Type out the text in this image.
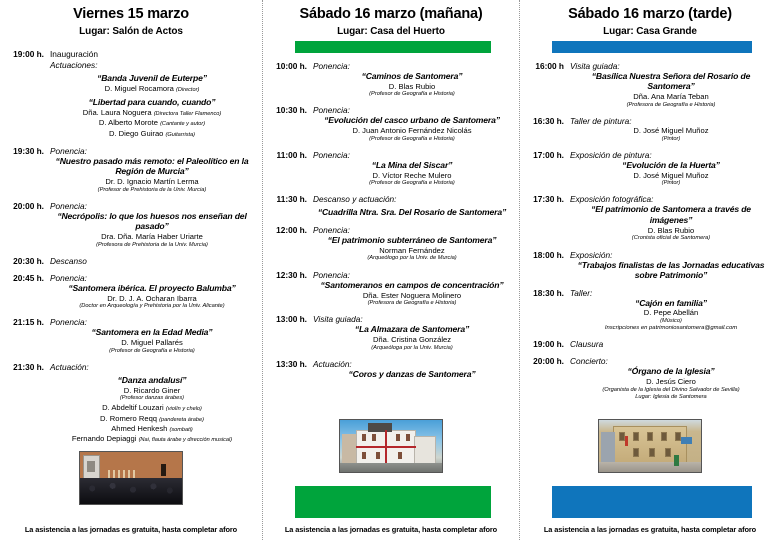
Viernes 15 marzo
Lugar: Salón de Actos
19:00 h. Inauguración
Actuaciones:
“Banda Juvenil de Euterpe”
D. Miguel Rocamora (Director)
“Libertad para cuando, cuando”
Dña. Laura Noguera (Directora Taller Flamenco)
D. Alberto Morote (Cantante y autor)
D. Diego Guirao (Guitarrista)
19:30 h. Ponencia:
“Nuestro pasado más remoto: el Paleolítico en la Región de Murcia”
Dr. D. Ignacio Martín Lerma
(Profesor de Prehistoria de la Univ. Murcia)
20:00 h. Ponencia:
“Necrópolis: lo que los huesos nos enseñan del pasado”
Dra. Dña. María Haber Uriarte
(Profesora de Prehistoria de la Univ. Murcia)
20:30 h. Descanso
20:45 h. Ponencia:
“Santomera ibérica. El proyecto Balumba”
Dr. D. J. A. Ocharan Ibarra
(Doctor en Arqueología y Prehistoria por la Univ. Alicante)
21:15 h. Ponencia:
“Santomera en la Edad Media”
D. Miguel Pallarés
(Profesor de Geografía e Historia)
21:30 h. Actuación:
“Danza andalusí”
D. Ricardo Giner
(Profesor danzas árabes)
D. Abdeltif Louzari (violín y chelo)
D. Romero Reqq (pandereta árabe)
Ahmed Henkesh (sombati)
Fernando Depiaggi (Nai, flauta árabe y dirección musical)
La asistencia a las jornadas es gratuita, hasta completar aforo
Sábado 16 marzo (mañana)
Lugar: Casa del Huerto
10:00 h. Ponencia:
“Caminos de Santomera”
D. Blas Rubio
(Profesor de Geografía e Historia)
10:30 h. Ponencia:
“Evolución del casco urbano de Santomera”
D. Juan Antonio Fernández Nicolás
(Profesor de Geografía e Historia)
11:00 h. Ponencia:
“La Mina del Siscar”
D. Víctor Reche Mulero
(Profesor de Geografía e Historia)
11:30 h. Descanso y actuación:
“Cuadrilla Ntra. Sra. Del Rosario de Santomera”
12:00 h. Ponencia:
“El patrimonio subterráneo de Santomera”
Norman Fernández
(Arqueólogo por la Univ. de Murcia)
12:30 h. Ponencia:
“Santomeranos en campos de concentración”
Dña. Ester Noguera Molinero
(Profesora de Geografía e Historia)
13:00 h. Visita guiada:
“La Almazara de Santomera”
Dña. Cristina González
(Arqueóloga por la Univ. Murcia)
13:30 h. Actuación:
“Coros y danzas de Santomera”
La asistencia a las jornadas es gratuita, hasta completar aforo
Sábado 16 marzo (tarde)
Lugar: Casa Grande
16:00 h Visita guiada:
“Basílica Nuestra Señora del Rosario de Santomera”
Dña. Ana María Teban
(Profesora de Geografía e Historia)
16:30 h. Taller de pintura:
D. José Miguel Muñoz
(Pintor)
17:00 h. Exposición de pintura:
“Evolución de la Huerta”
D. José Miguel Muñoz
(Pintor)
17:30 h. Exposición fotográfica:
“El patrimonio de Santomera a través de imágenes”
D. Blas Rubio
(Cronista oficial de Santomera)
18:00 h. Exposición:
“Trabajos finalistas de las Jornadas educativas sobre Patrimonio”
18:30 h. Taller:
“Cajón en familia”
D. Pepe Abellán
(Músico)
Inscripciones en patrimoniosantomera@gmail.com
19:00 h. Clausura
20:00 h. Concierto:
“Órgano de la Iglesia”
D. Jesús Ciero
(Organista de la Iglesia del Divino Salvador de Sevilla)
Lugar: Iglesia de Santomera
La asistencia a las jornadas es gratuita, hasta completar aforo
